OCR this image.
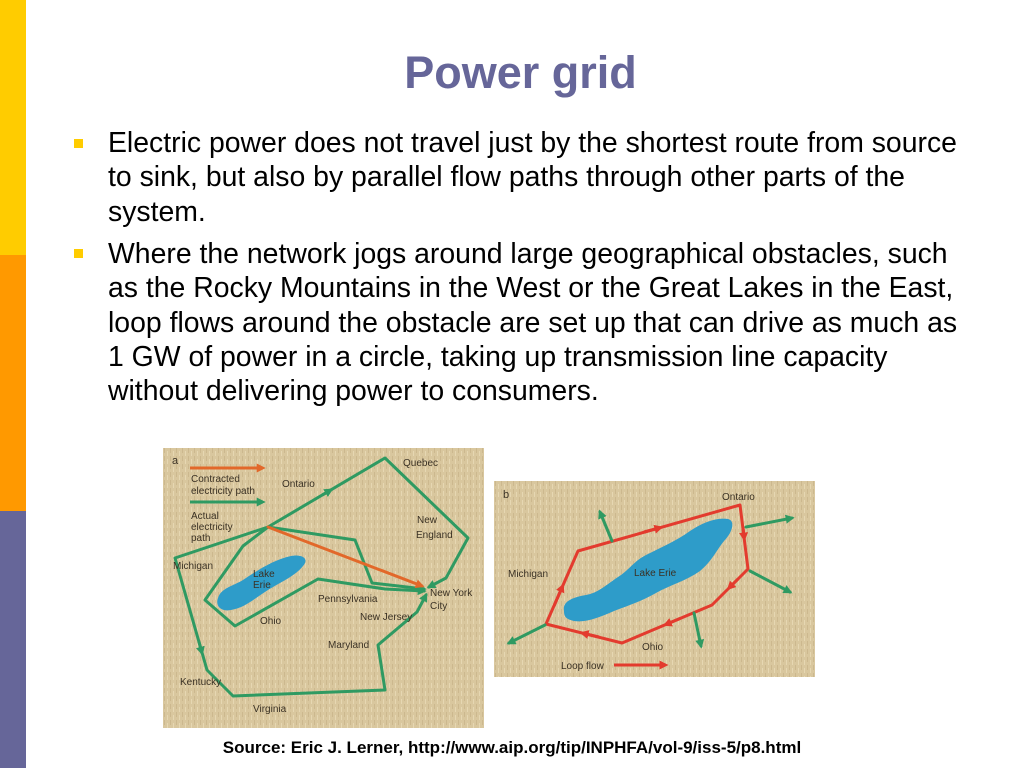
Power grid
Electric power does not travel just by the shortest route from source to sink, but also by parallel flow paths through other parts of the system.
Where the network jogs around large geographical obstacles, such as the Rocky Mountains in the West or the Great Lakes in the East, loop flows around the obstacle are set up that can drive as much as 1 GW of power in a circle, taking up transmission line capacity without delivering power to consumers.
a
Contracted
electricity path
Actual
electricity
path
Ontario
Quebec
New
England
Michigan
Lake
Erie
Pennsylvania
New York
City
Ohio	New Jersey
Maryland
Kentucky
Virginia
b	Ontario
Michigan	Lake Erie
Ohio
Loop flow

Source: Eric J. Lerner, http://www.aip.org/tip/INPHFA/vol-9/iss-5/p8.html
